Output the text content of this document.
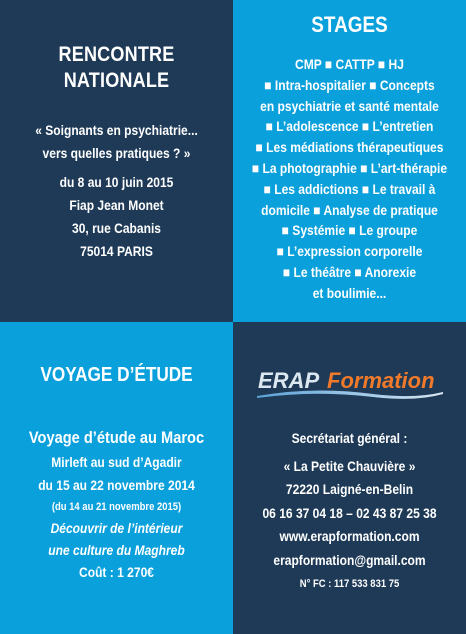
RENCONTRE
NATIONALE
« Soignants en psychiatrie...
vers quelles pratiques ? »
du 8 au 10 juin 2015
Fiap Jean Monet
30, rue Cabanis
75014 PARIS
STAGES
CMP ■ CATTP ■ HJ
■ Intra-hospitalier ■ Concepts
en psychiatrie et santé mentale
■ L’adolescence ■ L’entretien
■ Les médiations thérapeutiques
■ La photographie ■ L’art-thérapie
■ Les addictions ■ Le travail à
domicile ■ Analyse de pratique
■ Systémie ■ Le groupe
■ L’expression corporelle
■ Le théâtre ■ Anorexie
et boulimie...
VOYAGE D’ÉTUDE
Voyage d’étude au Maroc
Mirleft au sud d’Agadir
du 15 au 22 novembre 2014
(du 14 au 21 novembre 2015)
Découvrir de l’intérieur
une culture du Maghreb
Coût : 1 270€
ERAP Formation
Secrétariat général :
« La Petite Chauvière »
72220 Laigné-en-Belin
06 16 37 04 18 – 02 43 87 25 38
www.erapformation.com
erapformation@gmail.com
N° FC : 117 533 831 75
